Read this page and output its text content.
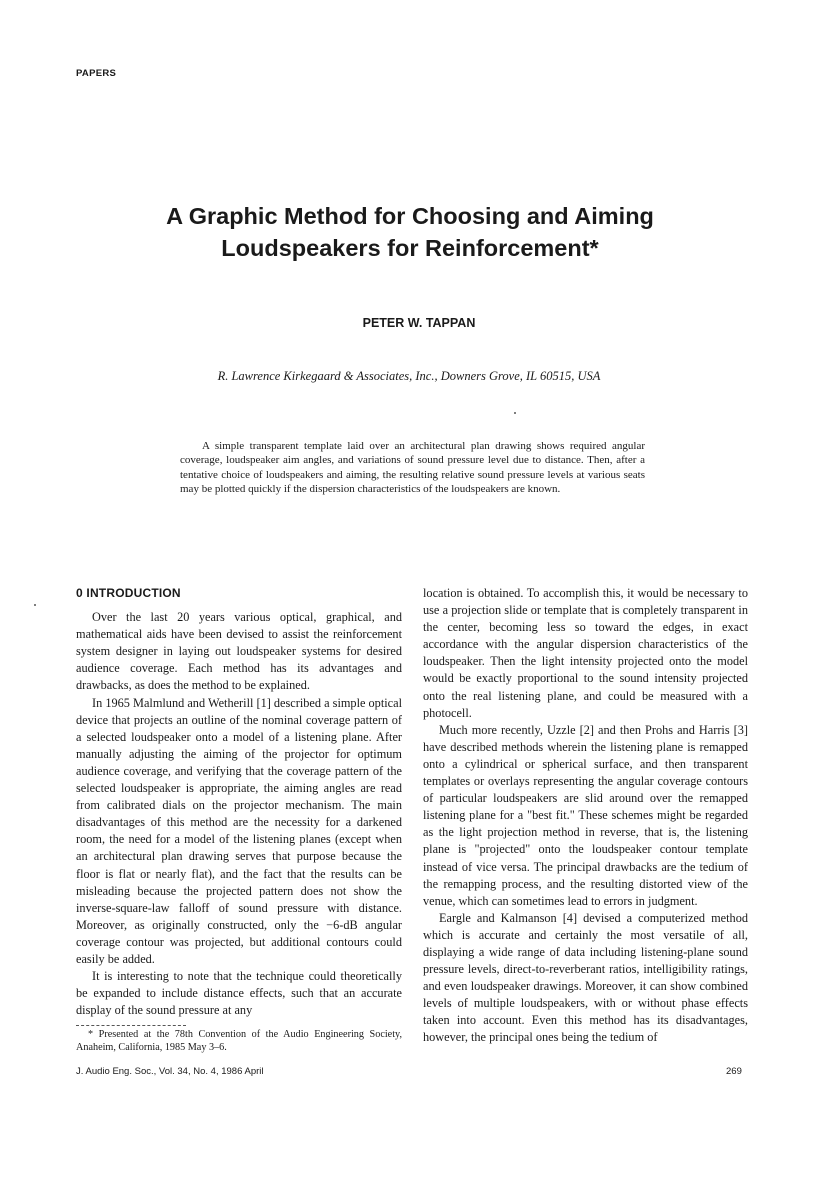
PAPERS
A Graphic Method for Choosing and Aiming Loudspeakers for Reinforcement*
PETER W. TAPPAN
R. Lawrence Kirkegaard & Associates, Inc., Downers Grove, IL 60515, USA

A simple transparent template laid over an architectural plan drawing shows required angular coverage, loudspeaker aim angles, and variations of sound pressure level due to distance. Then, after a tentative choice of loudspeakers and aiming, the resulting relative sound pressure levels at various seats may be plotted quickly if the dispersion characteristics of the loudspeakers are known.

0 INTRODUCTION

Over the last 20 years various optical, graphical, and mathematical aids have been devised to assist the reinforcement system designer in laying out loudspeaker systems for desired audience coverage. Each method has its advantages and drawbacks, as does the method to be explained.

In 1965 Malmlund and Wetherill [1] described a simple optical device that projects an outline of the nominal coverage pattern of a selected loudspeaker onto a model of a listening plane. After manually adjusting the aiming of the projector for optimum audience coverage, and verifying that the coverage pattern of the selected loudspeaker is appropriate, the aiming angles are read from calibrated dials on the projector mechanism. The main disadvantages of this method are the necessity for a darkened room, the need for a model of the listening planes (except when an architectural plan drawing serves that purpose because the floor is flat or nearly flat), and the fact that the results can be misleading because the projected pattern does not show the inverse-square-law falloff of sound pressure with distance. Moreover, as originally constructed, only the −6-dB angular coverage contour was projected, but additional contours could easily be added.

It is interesting to note that the technique could theoretically be expanded to include distance effects, such that an accurate display of the sound pressure at any

* Presented at the 78th Convention of the Audio Engineering Society, Anaheim, California, 1985 May 3–6.

location is obtained. To accomplish this, it would be necessary to use a projection slide or template that is completely transparent in the center, becoming less so toward the edges, in exact accordance with the angular dispersion characteristics of the loudspeaker. Then the light intensity projected onto the model would be exactly proportional to the sound intensity projected onto the real listening plane, and could be measured with a photocell.

Much more recently, Uzzle [2] and then Prohs and Harris [3] have described methods wherein the listening plane is remapped onto a cylindrical or spherical surface, and then transparent templates or overlays representing the angular coverage contours of particular loudspeakers are slid around over the remapped listening plane for a "best fit." These schemes might be regarded as the light projection method in reverse, that is, the listening plane is "projected" onto the loudspeaker contour template instead of vice versa. The principal drawbacks are the tedium of the remapping process, and the resulting distorted view of the venue, which can sometimes lead to errors in judgment.

Eargle and Kalmanson [4] devised a computerized method which is accurate and certainly the most versatile of all, displaying a wide range of data including listening-plane sound pressure levels, direct-to-reverberant ratios, intelligibility ratings, and even loudspeaker drawings. Moreover, it can show combined levels of multiple loudspeakers, with or without phase effects taken into account. Even this method has its disadvantages, however, the principal ones being the tedium of

J. Audio Eng. Soc., Vol. 34, No. 4, 1986 April	269
